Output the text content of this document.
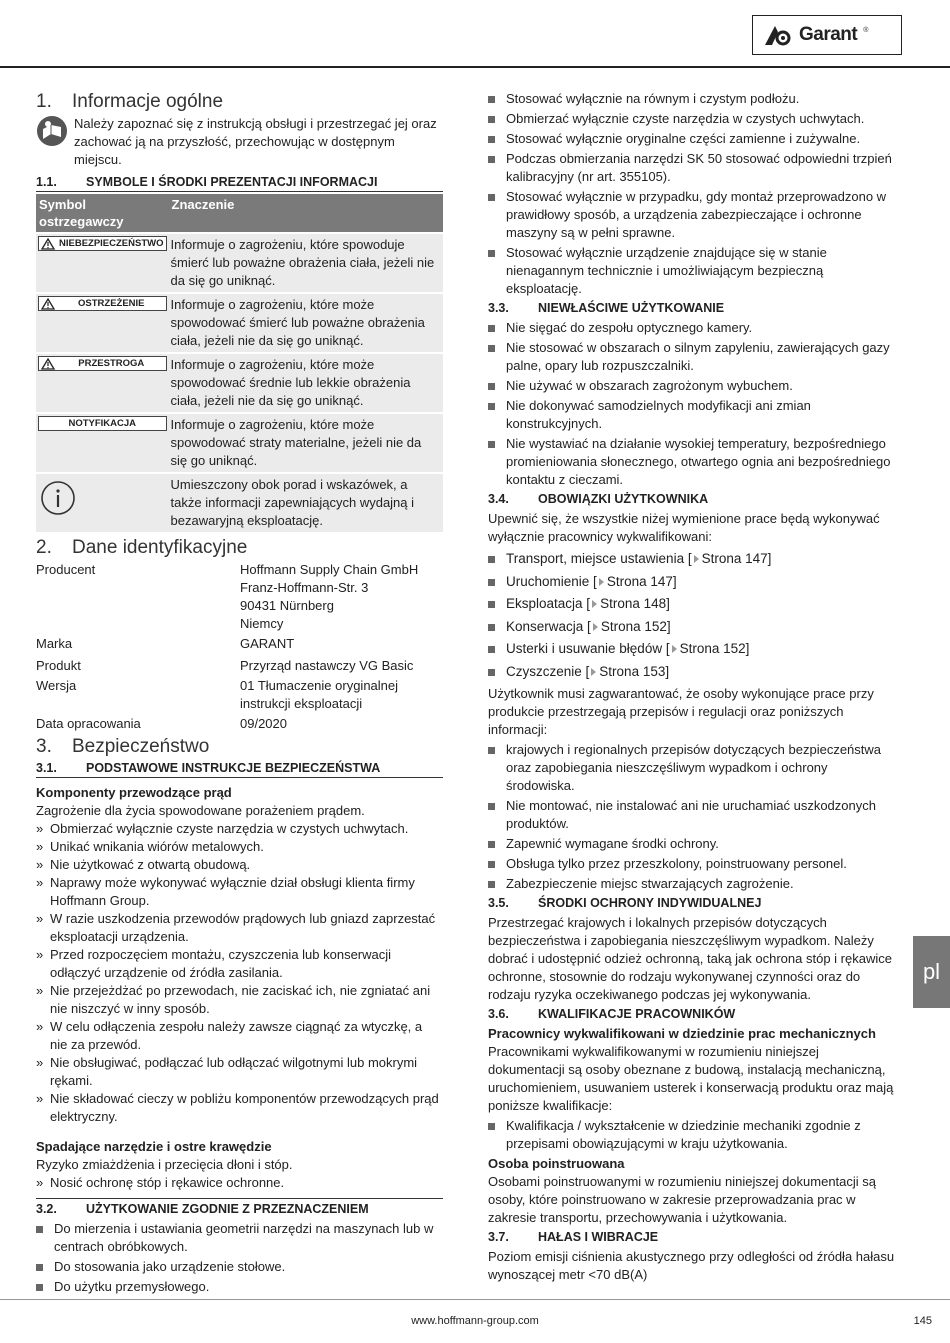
Garant ®
1. Informacje ogólne

Należy zapoznać się z instrukcją obsługi i przestrzegać jej oraz zachować ją na przyszłość, przechowując w dostępnym miejscu.

1.1.	SYMBOLE I ŚRODKI PREZENTACJI INFORMACJI
Symbol ostrzegawczy	Znaczenie

NIEBEZPIECZEŃSTWO	Informuje o zagrożeniu, które spowoduje śmierć lub poważne obrażenia ciała, jeżeli nie da się go uniknąć.

OSTRZEŻENIE	Informuje o zagrożeniu, które może spowodować śmierć lub poważne obrażenia ciała, jeżeli nie da się go uniknąć.

PRZESTROGA	Informuje o zagrożeniu, które może spowodować średnie lub lekkie obrażenia ciała, jeżeli nie da się go uniknąć.

NOTYFIKACJA	Informuje o zagrożeniu, które może spowodować straty materialne, jeżeli nie da się go uniknąć.
	Umieszczony obok porad i wskazówek, a także informacji zapewniających wydajną i bezawaryjną eksploatację.
2. Dane identyfikacyjne
Producent	Hoffmann Supply Chain GmbH
Franz-Hoffmann-Str. 3
90431 Nürnberg
Niemcy
Marka	GARANT
Produkt	Przyrząd nastawczy VG Basic
Wersja	01 Tłumaczenie oryginalnej instrukcji eksploatacji
Data opracowania	09/2020
3. Bezpieczeństwo
3.1.	PODSTAWOWE INSTRUKCJE BEZPIECZEŃSTWA

Komponenty przewodzące prąd

Zagrożenie dla życia spowodowane porażeniem prądem.

» Obmierzać wyłącznie czyste narzędzia w czystych uchwytach.
» Unikać wnikania wiórów metalowych.
» Nie użytkować z otwartą obudową.
» Naprawy może wykonywać wyłącznie dział obsługi klienta firmy Hoffmann Group.
» W razie uszkodzenia przewodów prądowych lub gniazd zaprzestać eksploatacji urządzenia.
» Przed rozpoczęciem montażu, czyszczenia lub konserwacji odłączyć urządzenie od źródła zasilania.
» Nie przejeżdżać po przewodach, nie zaciskać ich, nie zgniatać ani nie niszczyć w inny sposób.
» W celu odłączenia zespołu należy zawsze ciągnąć za wtyczkę, a nie za przewód.
» Nie obsługiwać, podłączać lub odłączać wilgotnymi lub mokrymi rękami.
» Nie składować cieczy w pobliżu komponentów przewodzących prąd elektryczny.

Spadające narzędzie i ostre krawędzie

Ryzyko zmiażdżenia i przecięcia dłoni i stóp.

» Nosić ochronę stóp i rękawice ochronne.
3.2.	UŻYTKOWANIE ZGODNIE Z PRZEZNACZENIEM
Do mierzenia i ustawiania geometrii narzędzi na maszynach lub w centrach obróbkowych.
Do stosowania jako urządzenie stołowe.
Do użytku przemysłowego.
Stosować wyłącznie na równym i czystym podłożu.
Obmierzać wyłącznie czyste narzędzia w czystych uchwytach.
Stosować wyłącznie oryginalne części zamienne i zużywalne.
Podczas obmierzania narzędzi SK 50 stosować odpowiedni trzpień kalibracyjny (nr art. 355105).
Stosować wyłącznie w przypadku, gdy montaż przeprowadzono w prawidłowy sposób, a urządzenia zabezpieczające i ochronne maszyny są w pełni sprawne.
Stosować wyłącznie urządzenie znajdujące się w stanie nienagannym technicznie i umożliwiającym bezpieczną eksploatację.
3.3.	NIEWŁAŚCIWE UŻYTKOWANIE
Nie sięgać do zespołu optycznego kamery.
Nie stosować w obszarach o silnym zapyleniu, zawierających gazy palne, opary lub rozpuszczalniki.
Nie używać w obszarach zagrożonym wybuchem.
Nie dokonywać samodzielnych modyfikacji ani zmian konstrukcyjnych.
Nie wystawiać na działanie wysokiej temperatury, bezpośredniego promieniowania słonecznego, otwartego ognia ani bezpośredniego kontaktu z cieczami.
3.4.	OBOWIĄZKI UŻYTKOWNIKA

Upewnić się, że wszystkie niżej wymienione prace będą wykonywać wyłącznie pracownicy wykwalifikowani:

Transport, miejsce ustawienia [ Strona 147]
Uruchomienie [ Strona 147]
Eksploatacja [ Strona 148]
Konserwacja [ Strona 152]
Usterki i usuwanie błędów [ Strona 152]
Czyszczenie [ Strona 153]

Użytkownik musi zagwarantować, że osoby wykonujące prace przy produkcie przestrzegają przepisów i regulacji oraz poniższych informacji:

krajowych i regionalnych przepisów dotyczących bezpieczeństwa oraz zapobiegania nieszczęśliwym wypadkom i ochrony środowiska.
Nie montować, nie instalować ani nie uruchamiać uszkodzonych produktów.
Zapewnić wymagane środki ochrony.
Obsługa tylko przez przeszkolony, poinstruowany personel.
Zabezpieczenie miejsc stwarzających zagrożenie.
3.5.	ŚRODKI OCHRONY INDYWIDUALNEJ

Przestrzegać krajowych i lokalnych przepisów dotyczących bezpieczeństwa i zapobiegania nieszczęśliwym wypadkom. Należy dobrać i udostępnić odzież ochronną, taką jak ochrona stóp i rękawice ochronne, stosownie do rodzaju wykonywanej czynności oraz do rodzaju ryzyka oczekiwanego podczas jej wykonywania.

3.6.	KWALIFIKACJE PRACOWNIKÓW

Pracownicy wykwalifikowani w dziedzinie prac mechanicznych

Pracownikami wykwalifikowanymi w rozumieniu niniejszej dokumentacji są osoby obeznane z budową, instalacją mechaniczną, uruchomieniem, usuwaniem usterek i konserwacją produktu oraz mają poniższe kwalifikacje:

Kwalifikacja / wykształcenie w dziedzinie mechaniki zgodnie z przepisami obowiązującymi w kraju użytkowania.

Osoba poinstruowana

Osobami poinstruowanymi w rozumieniu niniejszej dokumentacji są osoby, które poinstruowano w zakresie przeprowadzania prac w zakresie transportu, przechowywania i użytkowania.

3.7.	HAŁAS I WIBRACJE

Poziom emisji ciśnienia akustycznego przy odległości od źródła hałasu wynoszącej metr <70 dB(A)

pl
www.hoffmann-group.com	145
